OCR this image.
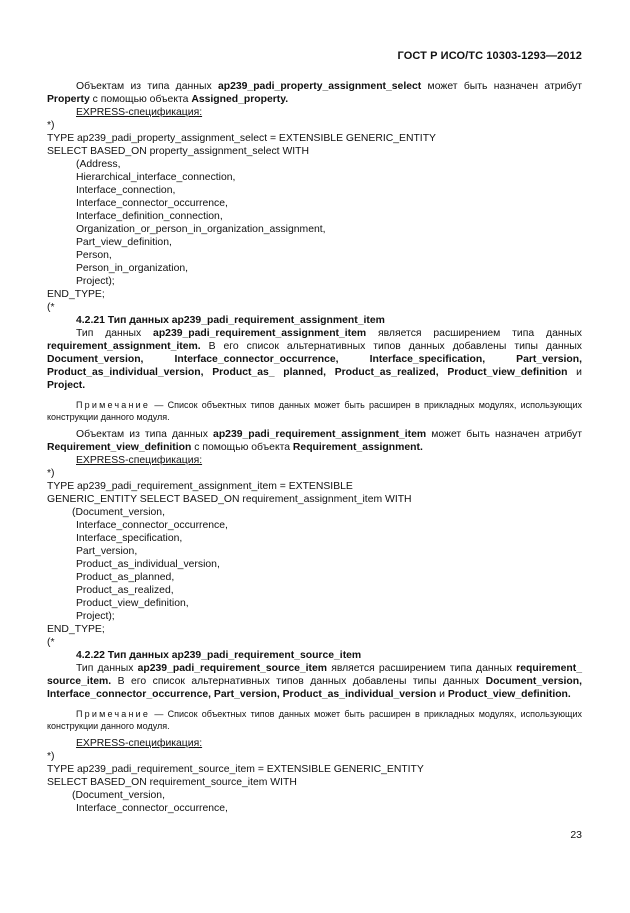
ГОСТ Р ИСО/ТС 10303-1293—2012

Объектам из типа данных ap239_padi_property_assignment_select может быть назначен атрибут Property с помощью объекта Assigned_property.

EXPRESS-спецификация:
*)
TYPE ap239_padi_property_assignment_select = EXTENSIBLE GENERIC_ENTITY
SELECT BASED_ON property_assignment_select WITH
(Address,
Hierarchical_interface_connection,
Interface_connection,
Interface_connector_occurrence,
Interface_definition_connection,
Organization_or_person_in_organization_assignment,
Part_view_definition,
Person,
Person_in_organization,
Project);
END_TYPE;
(*
4.2.21 Тип данных ap239_padi_requirement_assignment_item

Тип данных ap239_padi_requirement_assignment_item является расширением типа данных requirement_assignment_item. В его список альтернативных типов данных добавлены типы данных Document_version, Interface_connector_occurrence, Interface_specification, Part_version, Product_as_individual_version, Product_as_ planned, Product_as_realized, Product_view_definition и Project.

Примечание — Список объектных типов данных может быть расширен в прикладных модулях, использующих конструкции данного модуля.

Объектам из типа данных ap239_padi_requirement_assignment_item может быть назначен атрибут Requirement_view_definition с помощью объекта Requirement_assignment.

EXPRESS-спецификация:
*)
TYPE ap239_padi_requirement_assignment_item = EXTENSIBLE
GENERIC_ENTITY SELECT BASED_ON requirement_assignment_item WITH
(Document_version,
Interface_connector_occurrence,
Interface_specification,
Part_version,
Product_as_individual_version,
Product_as_planned,
Product_as_realized,
Product_view_definition,
Project);
END_TYPE;
(*
4.2.22 Тип данных ap239_padi_requirement_source_item

Тип данных ap239_padi_requirement_source_item является расширением типа данных requirement_ source_item. В его список альтернативных типов данных добавлены типы данных Document_version, Interface_connector_occurrence, Part_version, Product_as_individual_version и Product_view_definition.

Примечание — Список объектных типов данных может быть расширен в прикладных модулях, использующих конструкции данного модуля.

EXPRESS-спецификация:
*)
TYPE ap239_padi_requirement_source_item = EXTENSIBLE GENERIC_ENTITY
SELECT BASED_ON requirement_source_item WITH
(Document_version,
Interface_connector_occurrence,
23
